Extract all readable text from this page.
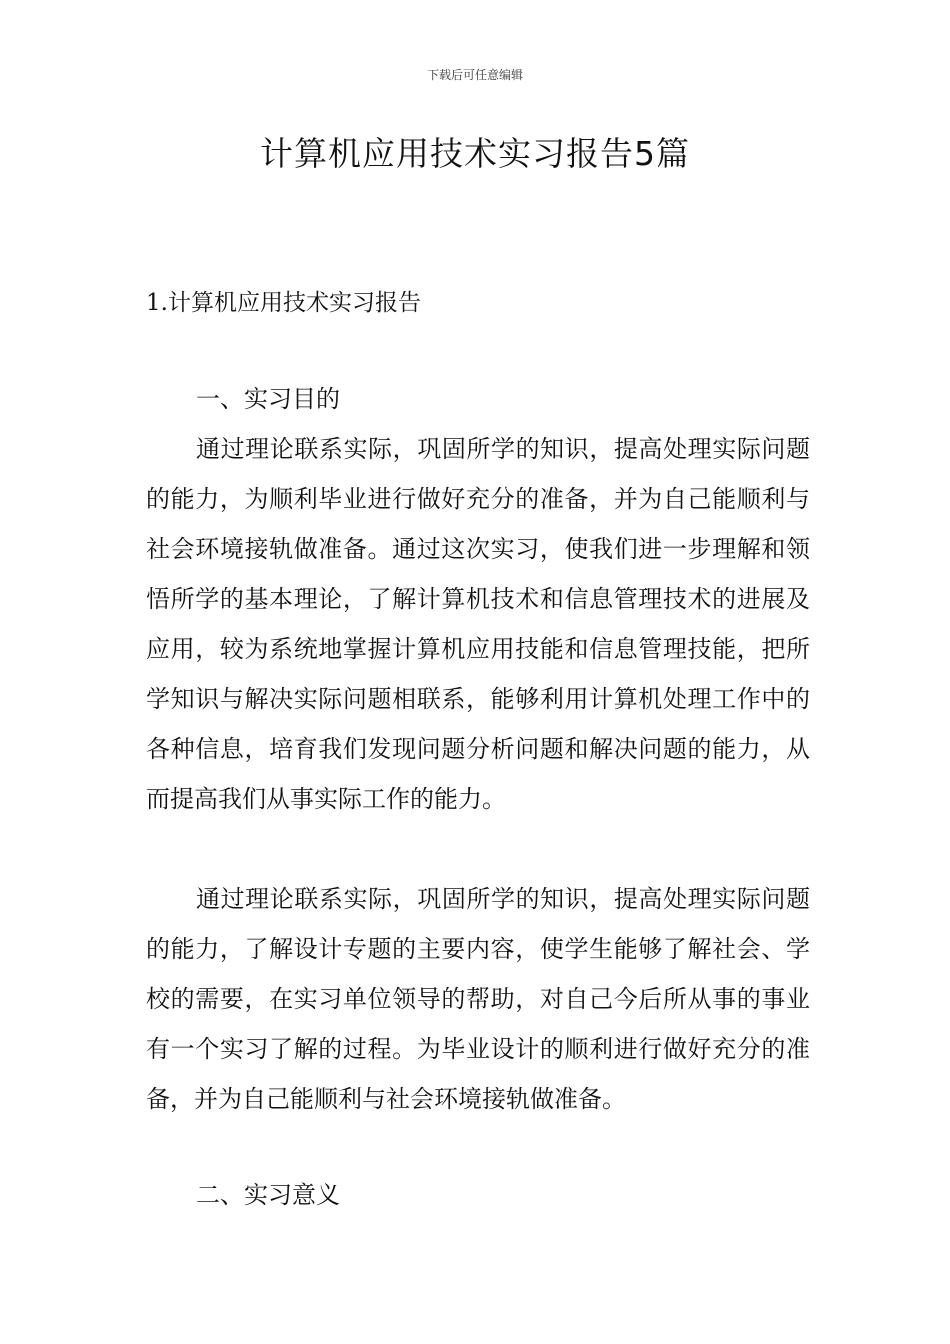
下载后可任意编辑
计算机应用技术实习报告5篇
1.计算机应用技术实习报告
一、实习目的

通过理论联系实际，巩固所学的知识，提高处理实际问题的能力，为顺利毕业进行做好充分的准备，并为自己能顺利与社会环境接轨做准备。通过这次实习，使我们进一步理解和领悟所学的基本理论，了解计算机技术和信息管理技术的进展及应用，较为系统地掌握计算机应用技能和信息管理技能，把所学知识与解决实际问题相联系，能够利用计算机处理工作中的各种信息，培育我们发现问题分析问题和解决问题的能力，从而提高我们从事实际工作的能力。

通过理论联系实际，巩固所学的知识，提高处理实际问题的能力，了解设计专题的主要内容，使学生能够了解社会、学校的需要，在实习单位领导的帮助，对自己今后所从事的事业有一个实习了解的过程。为毕业设计的顺利进行做好充分的准备，并为自己能顺利与社会环境接轨做准备。

二、实习意义
